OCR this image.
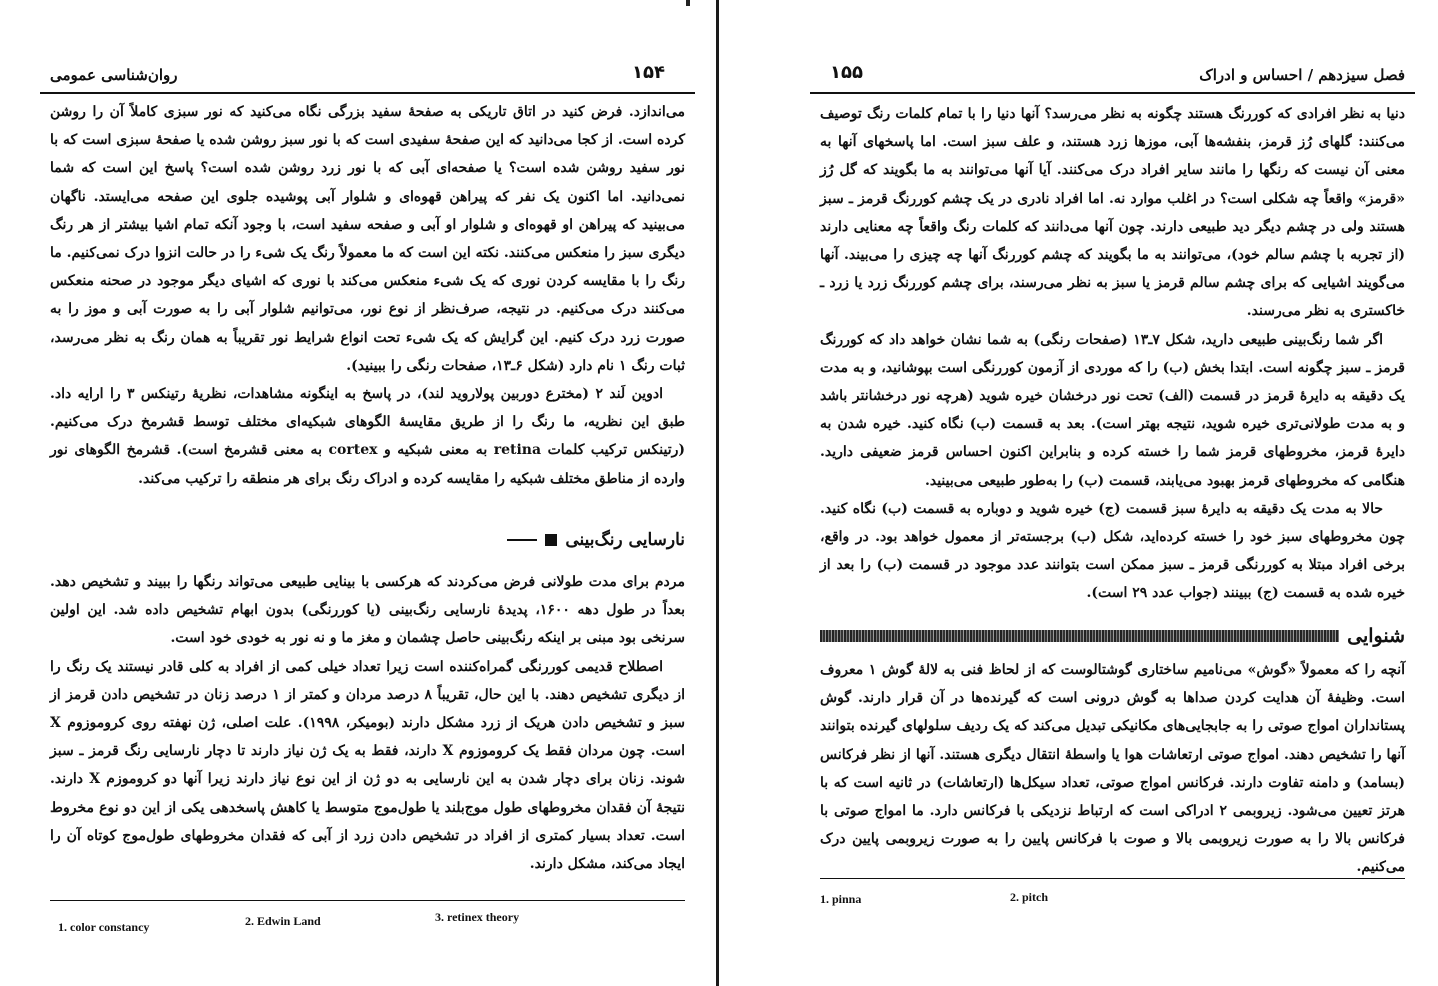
۱۵۴
روان‌شناسی عمومی

می‌اندازد. فرض کنید در اتاق تاریکی به صفحهٔ سفید بزرگی نگاه می‌کنید که نور سبزی کاملاً آن را روشن کرده است. از کجا می‌دانید که این صفحهٔ سفیدی است که با نور سبز روشن شده یا صفحهٔ سبزی است که با نور سفید روشن شده است؟ یا صفحه‌ای آبی که با نور زرد روشن شده است؟ پاسخ این است که شما نمی‌دانید. اما اکنون یک نفر که پیراهن قهوه‌ای و شلوار آبی پوشیده جلوی این صفحه می‌ایستد. ناگهان می‌بینید که پیراهن او قهوه‌ای و شلوار او آبی و صفحه سفید است، با وجود آنکه تمام اشیا بیشتر از هر رنگ دیگری سبز را منعکس می‌کنند. نکته این است که ما معمولاً رنگ یک شیء را در حالت انزوا درک نمی‌کنیم. ما رنگ را با مقایسه کردن نوری که یک شیء منعکس می‌کند با نوری که اشیای دیگر موجود در صحنه منعکس می‌کنند درک می‌کنیم. در نتیجه، صرف‌نظر از نوع نور، می‌توانیم شلوار آبی را به صورت آبی و موز را به صورت زرد درک کنیم. این گرایش که یک شیء تحت انواع شرایط نور تقریباً به همان رنگ به نظر می‌رسد، ثبات رنگ ۱ نام دارد (شکل ۶ـ۱۳، صفحات رنگی را ببینید).

ادوین لَند ۲ (مخترع دوربین پولاروید لند)، در پاسخ به اینگونه مشاهدات، نظریهٔ رتینکس ۳ را ارایه داد. طبق این نظریه، ما رنگ را از طریق مقایسهٔ الگوهای شبکیه‌ای مختلف توسط قشرمخ درک می‌کنیم. (رتینکس ترکیب کلمات retina به معنی شبکیه و cortex به معنی قشرمخ است). قشرمخ الگوهای نور وارده از مناطق مختلف شبکیه را مقایسه کرده و ادراک رنگ برای هر منطقه را ترکیب می‌کند.

نارسایی رنگ‌بینی

مردم برای مدت طولانی فرض می‌کردند که هرکسی با بینایی طبیعی می‌تواند رنگها را ببیند و تشخیص دهد. بعداً در طول دهه ۱۶۰۰، پدیدهٔ نارسایی رنگ‌بینی (یا کوررنگی) بدون ابهام تشخیص داده شد. این اولین سرنخی بود مبنی بر اینکه رنگ‌بینی حاصل چشمان و مغز ما و نه نور به خودی خود است.

اصطلاح قدیمی کوررنگی گمراه‌کننده است زیرا تعداد خیلی کمی از افراد به کلی قادر نیستند یک رنگ را از دیگری تشخیص دهند. با این حال، تقریباً ۸ درصد مردان و کمتر از ۱ درصد زنان در تشخیص دادن قرمز از سبز و تشخیص دادن هریک از زرد مشکل دارند (بومیکر، ۱۹۹۸). علت اصلی، ژن نهفته روی کروموزوم X است. چون مردان فقط یک کروموزوم X دارند، فقط به یک ژن نیاز دارند تا دچار نارسایی رنگ قرمز ـ سبز شوند. زنان برای دچار شدن به این نارسایی به دو ژن از این نوع نیاز دارند زیرا آنها دو کروموزم X دارند. نتیجهٔ آن فقدان مخروطهای طول موج‌بلند یا طول‌موج متوسط یا کاهش پاسخدهی یکی از این دو نوع مخروط است. تعداد بسیار کمتری از افراد در تشخیص دادن زرد از آبی که فقدان مخروطهای طول‌موج کوتاه آن را ایجاد می‌کند، مشکل دارند.

1. color constancy	2. Edwin Land	3. retinex theory
فصل سیزدهم / احساس و ادراک
۱۵۵

دنیا به نظر افرادی که کوررنگ هستند چگونه به نظر می‌رسد؟ آنها دنیا را با تمام کلمات رنگ توصیف می‌کنند: گلهای رُز قرمز، بنفشه‌ها آبی، موزها زرد هستند، و علف سبز است. اما پاسخهای آنها به معنی آن نیست که رنگها را مانند سایر افراد درک می‌کنند. آیا آنها می‌توانند به ما بگویند که گل رُز «قرمز» واقعاً چه شکلی است؟ در اغلب موارد نه. اما افراد نادری در یک چشم کوررنگ قرمز ـ سبز هستند ولی در چشم دیگر دید طبیعی دارند. چون آنها می‌دانند که کلمات رنگ واقعاً چه معنایی دارند (از تجربه با چشم سالم خود)، می‌توانند به ما بگویند که چشم کوررنگ آنها چه چیزی را می‌بیند. آنها می‌گویند اشیایی که برای چشم سالم قرمز یا سبز به نظر می‌رسند، برای چشم کوررنگ زرد یا زرد ـ خاکستری به نظر می‌رسند.

اگر شما رنگ‌بینی طبیعی دارید، شکل ۷ـ۱۳ (صفحات رنگی) به شما نشان خواهد داد که کوررنگ قرمز ـ سبز چگونه است. ابتدا بخش (ب) را که موردی از آزمون کوررنگی است بپوشانید، و به مدت یک دقیقه به دایرهٔ قرمز در قسمت (الف) تحت نور درخشان خیره شوید (هرچه نور درخشانتر باشد و به مدت طولانی‌تری خیره شوید، نتیجه بهتر است). بعد به قسمت (ب) نگاه کنید. خیره شدن به دایرهٔ قرمز، مخروطهای قرمز شما را خسته کرده و بنابراین اکنون احساس قرمز ضعیفی دارید. هنگامی که مخروطهای قرمز بهبود می‌یابند، قسمت (ب) را به‌طور طبیعی می‌بینید.

حالا به مدت یک دقیقه به دایرهٔ سبز قسمت (ج) خیره شوید و دوباره به قسمت (ب) نگاه کنید. چون مخروطهای سبز خود را خسته کرده‌اید، شکل (ب) برجسته‌تر از معمول خواهد بود. در واقع، برخی افراد مبتلا به کوررنگی قرمز ـ سبز ممکن است بتوانند عدد موجود در قسمت (ب) را بعد از خیره شده به قسمت (ج) ببینند (جواب عدد ۲۹ است).

شنوایی

آنچه را که معمولاً «گوش» می‌نامیم ساختاری گوشتالوست که از لحاظ فنی به لالهٔ گوش ۱ معروف است. وظیفهٔ آن هدایت کردن صداها به گوش درونی است که گیرنده‌ها در آن قرار دارند. گوش پستانداران امواج صوتی را به جابجایی‌های مکانیکی تبدیل می‌کند که یک ردیف سلولهای گیرنده بتوانند آنها را تشخیص دهند. امواج صوتی ارتعاشات هوا یا واسطهٔ انتقال دیگری هستند. آنها از نظر فرکانس (بسامد) و دامنه تفاوت دارند. فرکانس امواج صوتی، تعداد سیکل‌ها (ارتعاشات) در ثانیه است که با هرتز تعیین می‌شود. زیروبمی ۲ ادراکی است که ارتباط نزدیکی با فرکانس دارد. ما امواج صوتی با فرکانس بالا را به صورت زیروبمی بالا و صوت با فرکانس پایین را به صورت زیروبمی پایین درک می‌کنیم.

1. pinna	2. pitch
